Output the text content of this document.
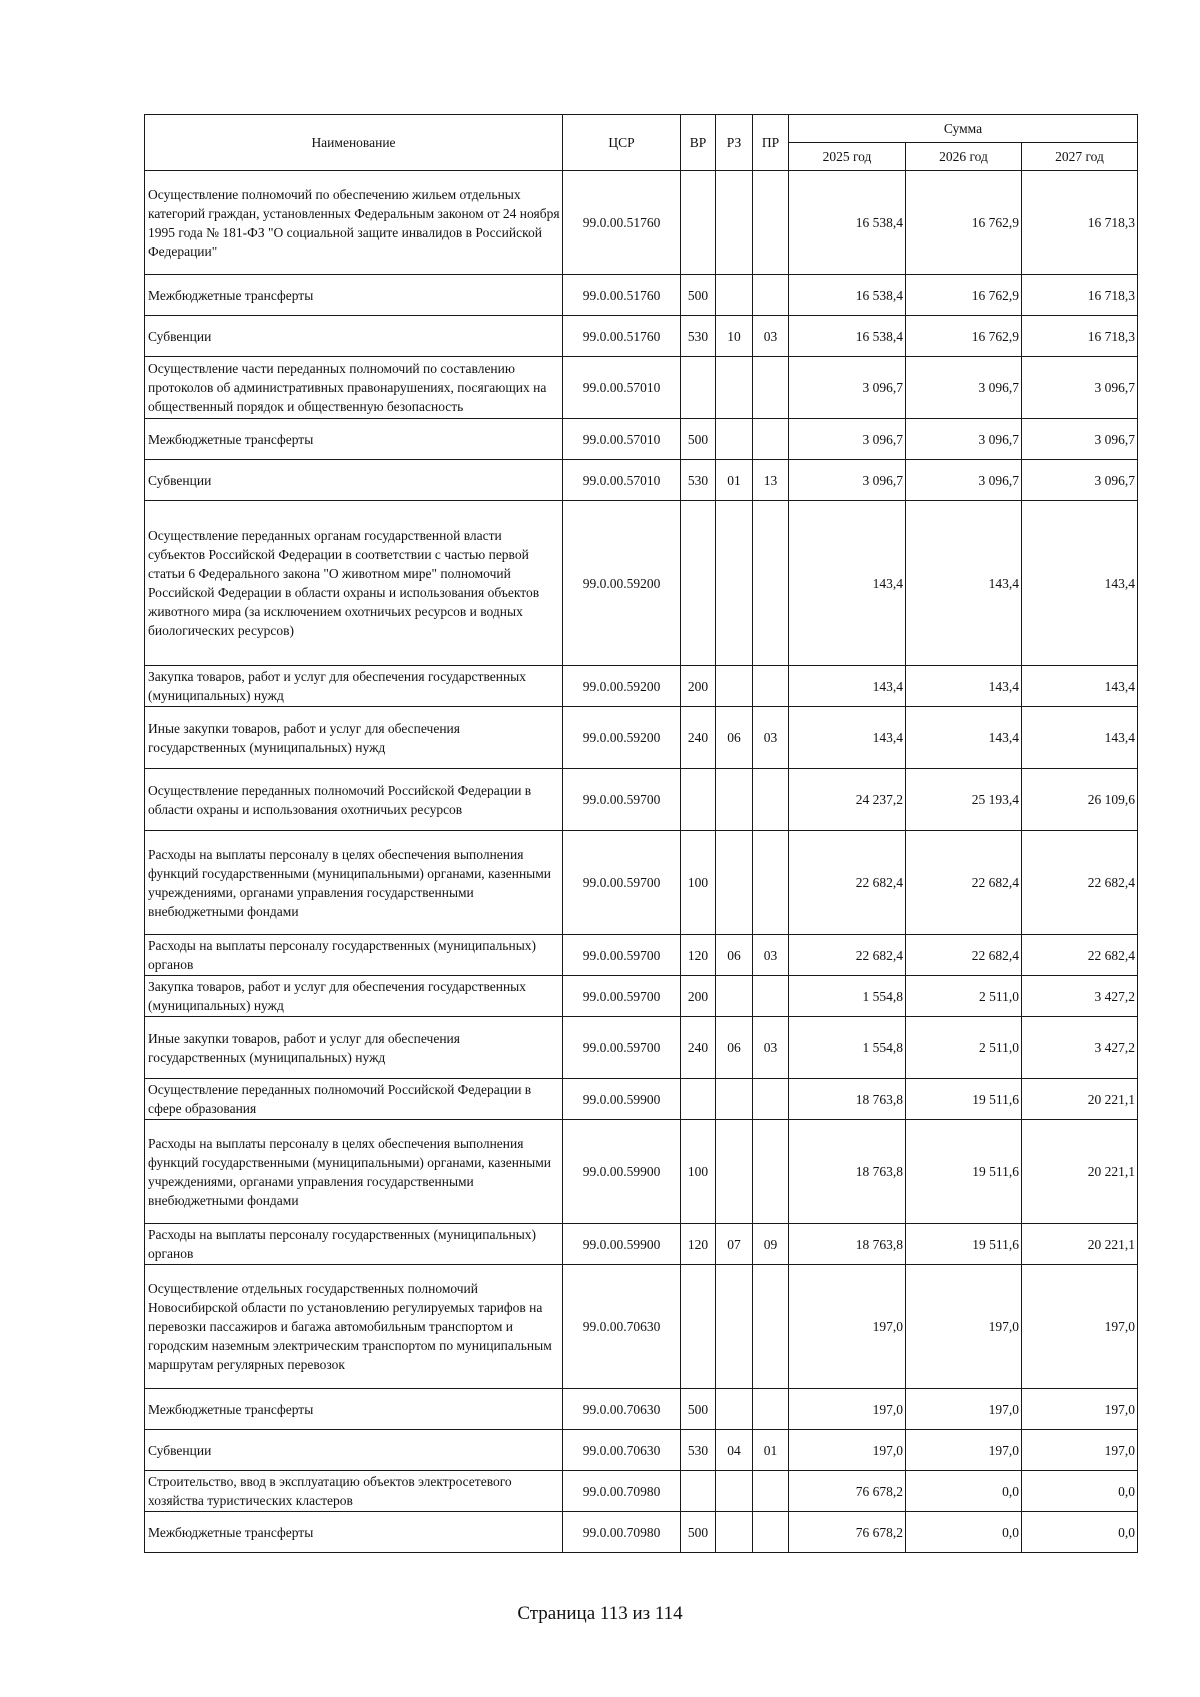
Наименование	ЦСР	ВР	РЗ	ПР	Сумма		
					2025 год	2026 год	2027 год
Осуществление полномочий по обеспечению жильем отдельных категорий граждан, установленных Федеральным законом от 24 ноября 1995 года № 181-ФЗ "О социальной защите инвалидов в Российской Федерации"	99.0.00.51760				16 538,4	16 762,9	16 718,3
Межбюджетные трансферты	99.0.00.51760	500			16 538,4	16 762,9	16 718,3
Субвенции	99.0.00.51760	530	10	03	16 538,4	16 762,9	16 718,3
Осуществление части переданных полномочий по составлению протоколов об административных правонарушениях, посягающих на общественный порядок и общественную безопасность	99.0.00.57010				3 096,7	3 096,7	3 096,7
Межбюджетные трансферты	99.0.00.57010	500			3 096,7	3 096,7	3 096,7
Субвенции	99.0.00.57010	530	01	13	3 096,7	3 096,7	3 096,7
Осуществление переданных органам государственной власти субъектов Российской Федерации в соответствии с частью первой статьи 6 Федерального закона "О животном мире" полномочий Российской Федерации в области охраны и использования объектов животного мира (за исключением охотничьих ресурсов и водных биологических ресурсов)	99.0.00.59200				143,4	143,4	143,4
Закупка товаров, работ и услуг для обеспечения государственных (муниципальных) нужд	99.0.00.59200	200			143,4	143,4	143,4
Иные закупки товаров, работ и услуг для обеспечения государственных (муниципальных) нужд	99.0.00.59200	240	06	03	143,4	143,4	143,4
Осуществление переданных полномочий Российской Федерации в области охраны и использования охотничьих ресурсов	99.0.00.59700				24 237,2	25 193,4	26 109,6
Расходы на выплаты персоналу в целях обеспечения выполнения функций государственными (муниципальными) органами, казенными учреждениями, органами управления государственными внебюджетными фондами	99.0.00.59700	100			22 682,4	22 682,4	22 682,4
Расходы на выплаты персоналу государственных (муниципальных) органов	99.0.00.59700	120	06	03	22 682,4	22 682,4	22 682,4
Закупка товаров, работ и услуг для обеспечения государственных (муниципальных) нужд	99.0.00.59700	200			1 554,8	2 511,0	3 427,2
Иные закупки товаров, работ и услуг для обеспечения государственных (муниципальных) нужд	99.0.00.59700	240	06	03	1 554,8	2 511,0	3 427,2
Осуществление переданных полномочий Российской Федерации в сфере образования	99.0.00.59900				18 763,8	19 511,6	20 221,1
Расходы на выплаты персоналу в целях обеспечения выполнения функций государственными (муниципальными) органами, казенными учреждениями, органами управления государственными внебюджетными фондами	99.0.00.59900	100			18 763,8	19 511,6	20 221,1
Расходы на выплаты персоналу государственных (муниципальных) органов	99.0.00.59900	120	07	09	18 763,8	19 511,6	20 221,1
Осуществление отдельных государственных полномочий Новосибирской области по установлению регулируемых тарифов на перевозки пассажиров и багажа автомобильным транспортом и городским наземным электрическим транспортом по муниципальным маршрутам регулярных перевозок	99.0.00.70630				197,0	197,0	197,0
Межбюджетные трансферты	99.0.00.70630	500			197,0	197,0	197,0
Субвенции	99.0.00.70630	530	04	01	197,0	197,0	197,0
Строительство, ввод в эксплуатацию объектов электросетевого хозяйства туристических кластеров	99.0.00.70980				76 678,2	0,0	0,0
Межбюджетные трансферты	99.0.00.70980	500			76 678,2	0,0	0,0
Страница 113 из 114
